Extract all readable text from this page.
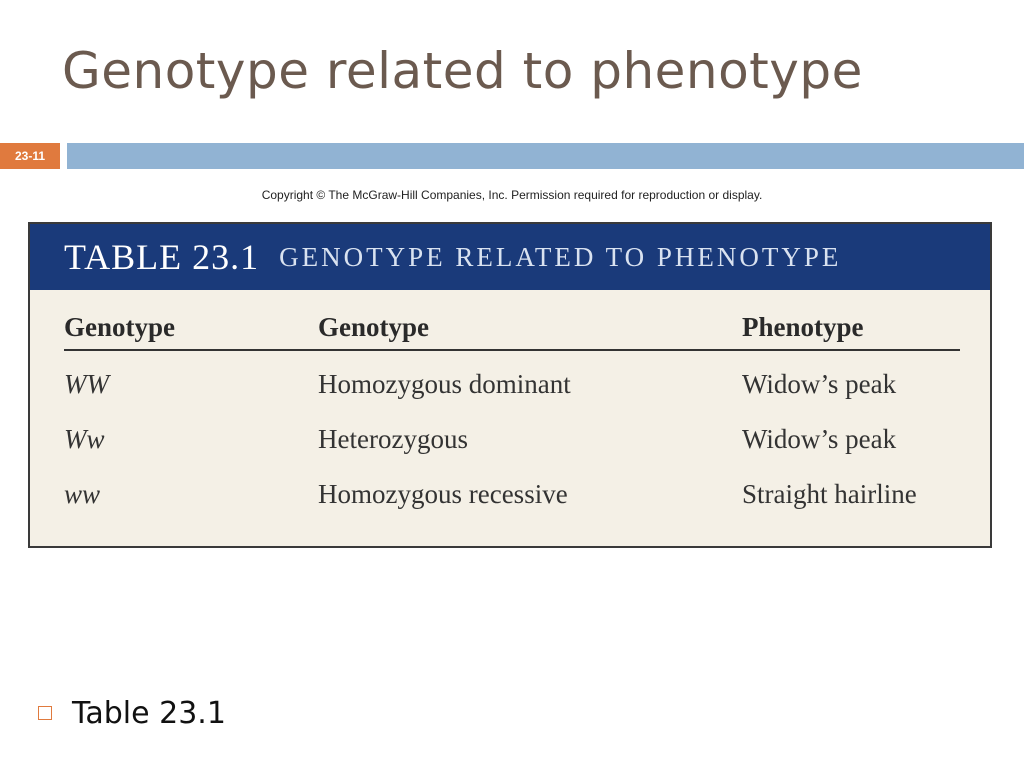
Genotype related to phenotype
23-11
Copyright © The McGraw-Hill Companies, Inc. Permission required for reproduction or display.
TABLE 23.1 GENOTYPE RELATED TO PHENOTYPE
Genotype	Genotype	Phenotype
WW	Homozygous dominant	Widow’s peak
Ww	Heterozygous	Widow’s peak
ww	Homozygous recessive	Straight hairline
Table 23.1
